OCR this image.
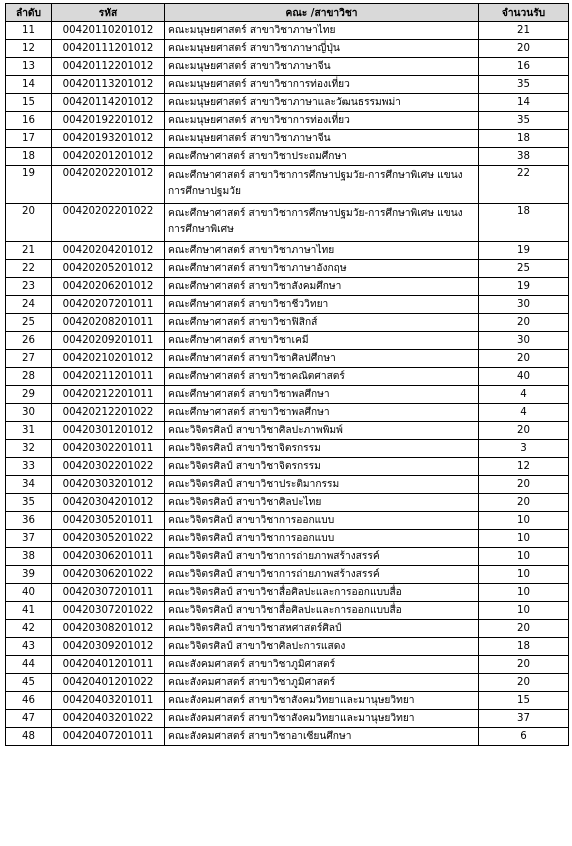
ลำดับ	รหัส	คณะ /สาขาวิชา	จำนวนรับ
11	00420110201012	คณะมนุษยศาสตร์ สาขาวิชาภาษาไทย	21
12	00420111201012	คณะมนุษยศาสตร์ สาขาวิชาภาษาญี่ปุ่น	20
13	00420112201012	คณะมนุษยศาสตร์ สาขาวิชาภาษาจีน	16
14	00420113201012	คณะมนุษยศาสตร์ สาขาวิชาการท่องเที่ยว	35
15	00420114201012	คณะมนุษยศาสตร์ สาขาวิชาภาษาและวัฒนธรรมพม่า	14
16	00420192201012	คณะมนุษยศาสตร์ สาขาวิชาการท่องเที่ยว	35
17	00420193201012	คณะมนุษยศาสตร์ สาขาวิชาภาษาจีน	18
18	00420201201012	คณะศึกษาศาสตร์ สาขาวิชาประถมศึกษา	38
19	00420202201012	คณะศึกษาศาสตร์ สาขาวิชาการศึกษาปฐมวัย-การศึกษาพิเศษ แขนงการศึกษาปฐมวัย	22
20	00420202201022	คณะศึกษาศาสตร์ สาขาวิชาการศึกษาปฐมวัย-การศึกษาพิเศษ แขนงการศึกษาพิเศษ	18
21	00420204201012	คณะศึกษาศาสตร์ สาขาวิชาภาษาไทย	19
22	00420205201012	คณะศึกษาศาสตร์ สาขาวิชาภาษาอังกฤษ	25
23	00420206201012	คณะศึกษาศาสตร์ สาขาวิชาสังคมศึกษา	19
24	00420207201011	คณะศึกษาศาสตร์ สาขาวิชาชีววิทยา	30
25	00420208201011	คณะศึกษาศาสตร์ สาขาวิชาฟิสิกส์	20
26	00420209201011	คณะศึกษาศาสตร์ สาขาวิชาเคมี	30
27	00420210201012	คณะศึกษาศาสตร์ สาขาวิชาศิลปศึกษา	20
28	00420211201011	คณะศึกษาศาสตร์ สาขาวิชาคณิตศาสตร์	40
29	00420212201011	คณะศึกษาศาสตร์ สาขาวิชาพลศึกษา	4
30	00420212201022	คณะศึกษาศาสตร์ สาขาวิชาพลศึกษา	4
31	00420301201012	คณะวิจิตรศิลป์ สาขาวิชาศิลปะภาพพิมพ์	20
32	00420302201011	คณะวิจิตรศิลป์ สาขาวิชาจิตรกรรม	3
33	00420302201022	คณะวิจิตรศิลป์ สาขาวิชาจิตรกรรม	12
34	00420303201012	คณะวิจิตรศิลป์ สาขาวิชาประติมากรรม	20
35	00420304201012	คณะวิจิตรศิลป์ สาขาวิชาศิลปะไทย	20
36	00420305201011	คณะวิจิตรศิลป์ สาขาวิชาการออกแบบ	10
37	00420305201022	คณะวิจิตรศิลป์ สาขาวิชาการออกแบบ	10
38	00420306201011	คณะวิจิตรศิลป์ สาขาวิชาการถ่ายภาพสร้างสรรค์	10
39	00420306201022	คณะวิจิตรศิลป์ สาขาวิชาการถ่ายภาพสร้างสรรค์	10
40	00420307201011	คณะวิจิตรศิลป์ สาขาวิชาสื่อศิลปะและการออกแบบสื่อ	10
41	00420307201022	คณะวิจิตรศิลป์ สาขาวิชาสื่อศิลปะและการออกแบบสื่อ	10
42	00420308201012	คณะวิจิตรศิลป์ สาขาวิชาสหศาสตร์ศิลป์	20
43	00420309201012	คณะวิจิตรศิลป์ สาขาวิชาศิลปะการแสดง	18
44	00420401201011	คณะสังคมศาสตร์ สาขาวิชาภูมิศาสตร์	20
45	00420401201022	คณะสังคมศาสตร์ สาขาวิชาภูมิศาสตร์	20
46	00420403201011	คณะสังคมศาสตร์ สาขาวิชาสังคมวิทยาและมานุษยวิทยา	15
47	00420403201022	คณะสังคมศาสตร์ สาขาวิชาสังคมวิทยาและมานุษยวิทยา	37
48	00420407201011	คณะสังคมศาสตร์ สาขาวิชาอาเซียนศึกษา	6
